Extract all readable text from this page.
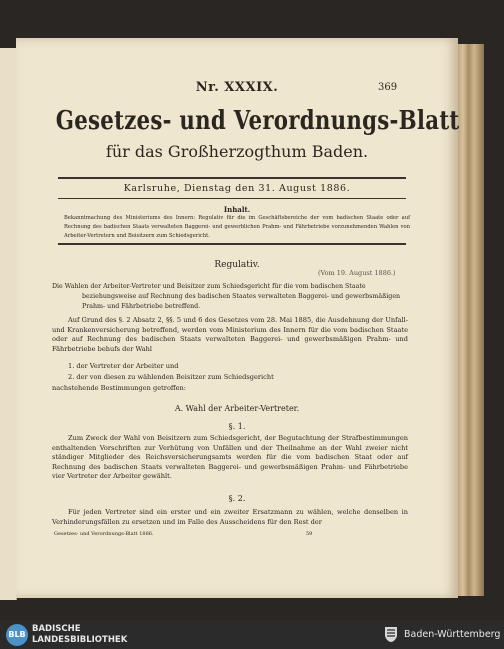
Nr. XXXIX.	369
Gesetzes- und Verordnungs-Blatt
für das Großherzogthum Baden.
Karlsruhe, Dienstag den 31. August 1886.
Inhalt.
Bekanntmachung des Ministeriums des Innern: Regulativ für die im Geschäftsbereiche der vom badischen Staate oder auf Rechnung des badischen Staats verwalteten Baggerei- und gewerblichen Prahm- und Fährbetriebe vorzunehmenden Wahlen von Arbeiter-Vertretern und Beisitzern zum Schiedsgericht.
Regulativ.
(Vom 19. August 1886.)
Die Wahlen der Arbeiter-Vertreter und Beisitzer zum Schiedsgericht für die vom badischen Staate
beziehungsweise auf Rechnung des badischen Staates verwalteten Baggerei- und gewerbsmäßigen
Prahm- und Fährbetriebe betreffend.
Auf Grund des §. 2 Absatz 2, §§. 5 und 6 des Gesetzes vom 28. Mai 1885, die Ausdehnung der Unfall- und Krankenversicherung betreffend, werden vom Ministerium des Innern für die vom badischen Staate oder auf Rechnung des badischen Staats verwalteten Baggerei- und gewerbsmäßigen Prahm- und Fährbetriebe behufs der Wahl
1. der Vertreter der Arbeiter und
2. der von diesen zu wählenden Beisitzer zum Schiedsgericht
nachstehende Bestimmungen getroffen:
A. Wahl der Arbeiter-Vertreter.
§. 1.
Zum Zweck der Wahl von Beisitzern zum Schiedsgericht, der Begutachtung der Strafbestimmungen enthaltenden Vorschriften zur Verhütung von Unfällen und der Theilnahme an der Wahl zweier nicht ständiger Mitglieder des Reichsversicherungsamts werden für die vom badischen Staat oder auf Rechnung des badischen Staats verwalteten Baggerei- und gewerbsmäßigen Prahm- und Fährbetriebe vier Vertreter der Arbeiter gewählt.
§. 2.
Für jeden Vertreter sind ein erster und ein zweiter Ersatzmann zu wählen, welche denselben in Verhinderungsfällen zu ersetzen und im Falle des Ausscheidens für den Rest der
Gesetzes- und Verordnungs-Blatt 1886.	59
BLB
BADISCHE
LANDESBIBLIOTHEK	Baden-Württemberg
